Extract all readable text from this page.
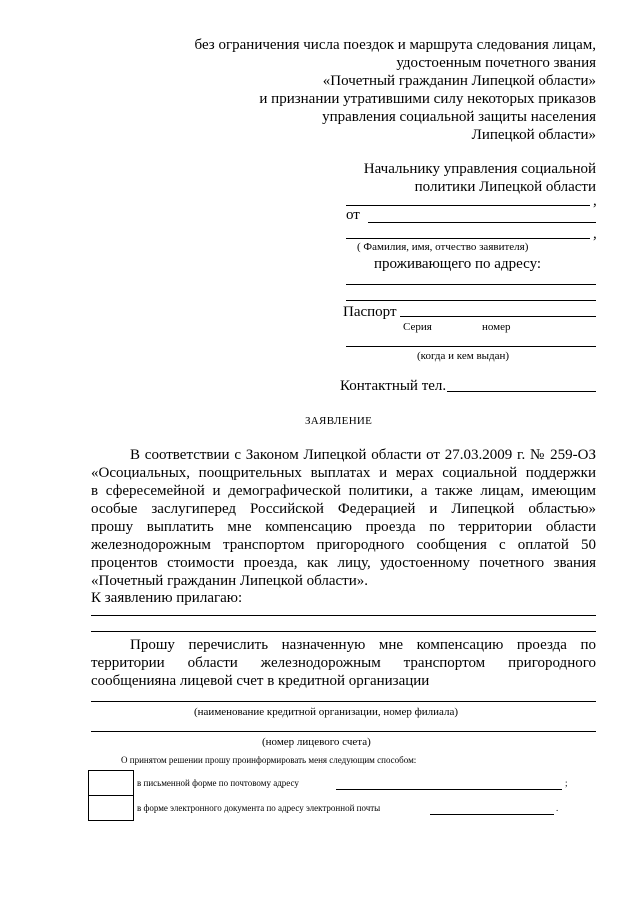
без ограничения числа поездок и маршрута следования лицам,
удостоенным почетного звания
«Почетный гражданин Липецкой области»
и признании утратившими силу некоторых приказов
управления социальной защиты населения
Липецкой области»
Начальнику управления социальной
политики Липецкой области
,
от
,
( Фамилия, имя, отчество заявителя)
проживающего по адресу:
Паспорт
Серия	номер
(когда и кем выдан)
Контактный тел.
ЗАЯВЛЕНИЕ
В соответствии с Законом Липецкой области от 27.03.2009 г. № 259-ОЗ
«Осоциальных, поощрительных выплатах и мерах социальной поддержки
в сфересемейной и демографической политики, а также лицам, имеющим
особые заслугиперед Российской Федерацией и Липецкой областью»
прошу выплатить мне компенсацию проезда по территории области
железнодорожным транспортом пригородного сообщения с оплатой 50
процентов стоимости проезда, как лицу, удостоенному почетного звания
«Почетный гражданин Липецкой области».
К заявлению прилагаю:
Прошу перечислить назначенную мне компенсацию проезда по
территории области железнодорожным транспортом пригородного
сообщенияна лицевой счет в кредитной организации
(наименование кредитной организации, номер филиала)
(номер лицевого счета)
О принятом решении прошу проинформировать меня следующим способом:
в письменной форме по почтовому адресу	;
в форме электронного документа по адресу электронной почты	.
